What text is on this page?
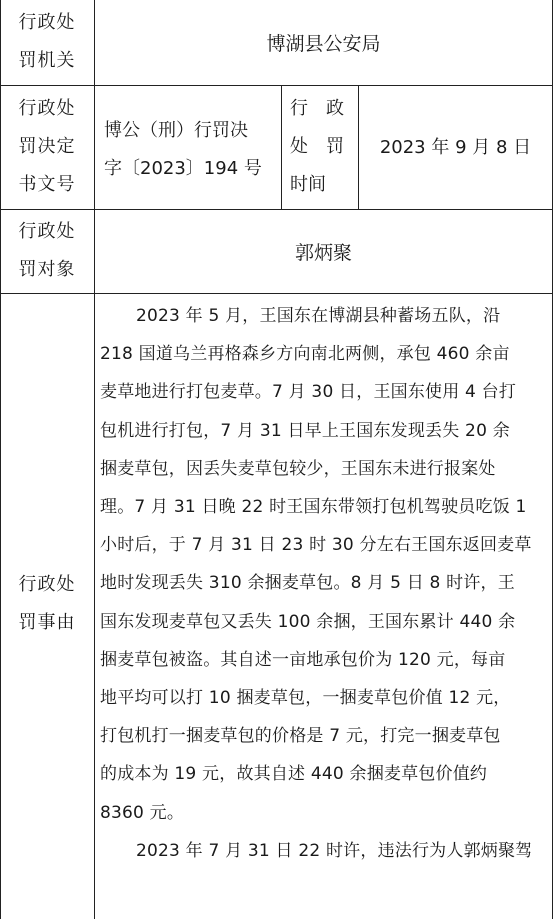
行政处
罚机关
博湖县公安局
行政处
罚决定
书文号
博公（刑）行罚决
字〔2023〕194 号
行　政
处　罚
时间
2023 年 9 月 8 日
行政处
罚对象
郭炳聚
行政处
罚事由
2023 年 5 月，王国东在博湖县种蓄场五队，沿
218 国道乌兰再格森乡方向南北两侧，承包 460 余亩
麦草地进行打包麦草。7 月 30 日，王国东使用 4 台打
包机进行打包，7 月 31 日早上王国东发现丢失 20 余
捆麦草包，因丢失麦草包较少，王国东未进行报案处
理。7 月 31 日晚 22 时王国东带领打包机驾驶员吃饭 1
小时后，于 7 月 31 日 23 时 30 分左右王国东返回麦草
地时发现丢失 310 余捆麦草包。8 月 5 日 8 时许，王
国东发现麦草包又丢失 100 余捆，王国东累计 440 余
捆麦草包被盗。其自述一亩地承包价为 120 元，每亩
地平均可以打 10 捆麦草包，一捆麦草包价值 12 元，
打包机打一捆麦草包的价格是 7 元，打完一捆麦草包
的成本为 19 元，故其自述 440 余捆麦草包价值约
8360 元。
2023 年 7 月 31 日 22 时许，违法行为人郭炳聚驾
